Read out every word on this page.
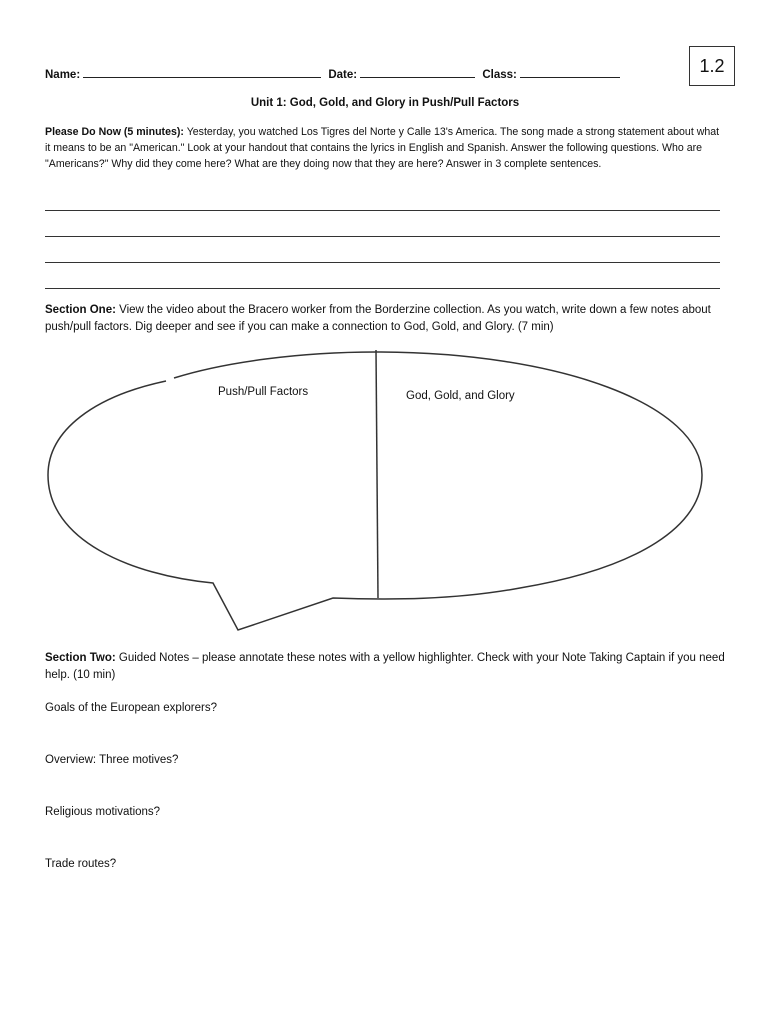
1.2
Name:	Date:	Class:
Unit 1: God, Gold, and Glory in Push/Pull Factors
Please Do Now (5 minutes): Yesterday, you watched Los Tigres del Norte y Calle 13's America. The song made a strong statement about what it means to be an "American." Look at your handout that contains the lyrics in English and Spanish. Answer the following questions. Who are "Americans?" Why did they come here? What are they doing now that they are here? Answer in 3 complete sentences.
Section One: View the video about the Bracero worker from the Borderzine collection. As you watch, write down a few notes about push/pull factors. Dig deeper and see if you can make a connection to God, Gold, and Glory. (7 min)
Push/Pull Factors	God, Gold, and Glory
Section Two: Guided Notes – please annotate these notes with a yellow highlighter. Check with your Note Taking Captain if you need help. (10 min)
Goals of the European explorers?
Overview: Three motives?
Religious motivations?
Trade routes?
